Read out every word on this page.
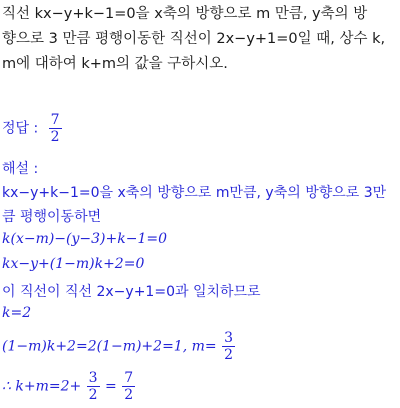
직선 kx−y+k−1=0을 x축의 방향으로 m 만큼, y축의 방
향으로 3 만큼 평행이동한 직선이 2x−y+1=0일 때, 상수 k,
m에 대하여 k+m의 값을 구하시오.
정답 : $\frac{7}{2}$
해설 :
kx−y+k−1=0을 x축의 방향으로 m만큼, y축의 방향으로 3만
큼 평행이동하면
k(x−m)−(y−3)+k−1=0
kx−y+(1−m)k+2=0
이 직선이 직선 2x−y+1=0과 일치하므로
k=2
(1−m)k+2=2(1−m)+2=1, $m= \frac{3}{2}$
∴ $k+m=2+ \frac{3}{2} = \frac{7}{2}$
